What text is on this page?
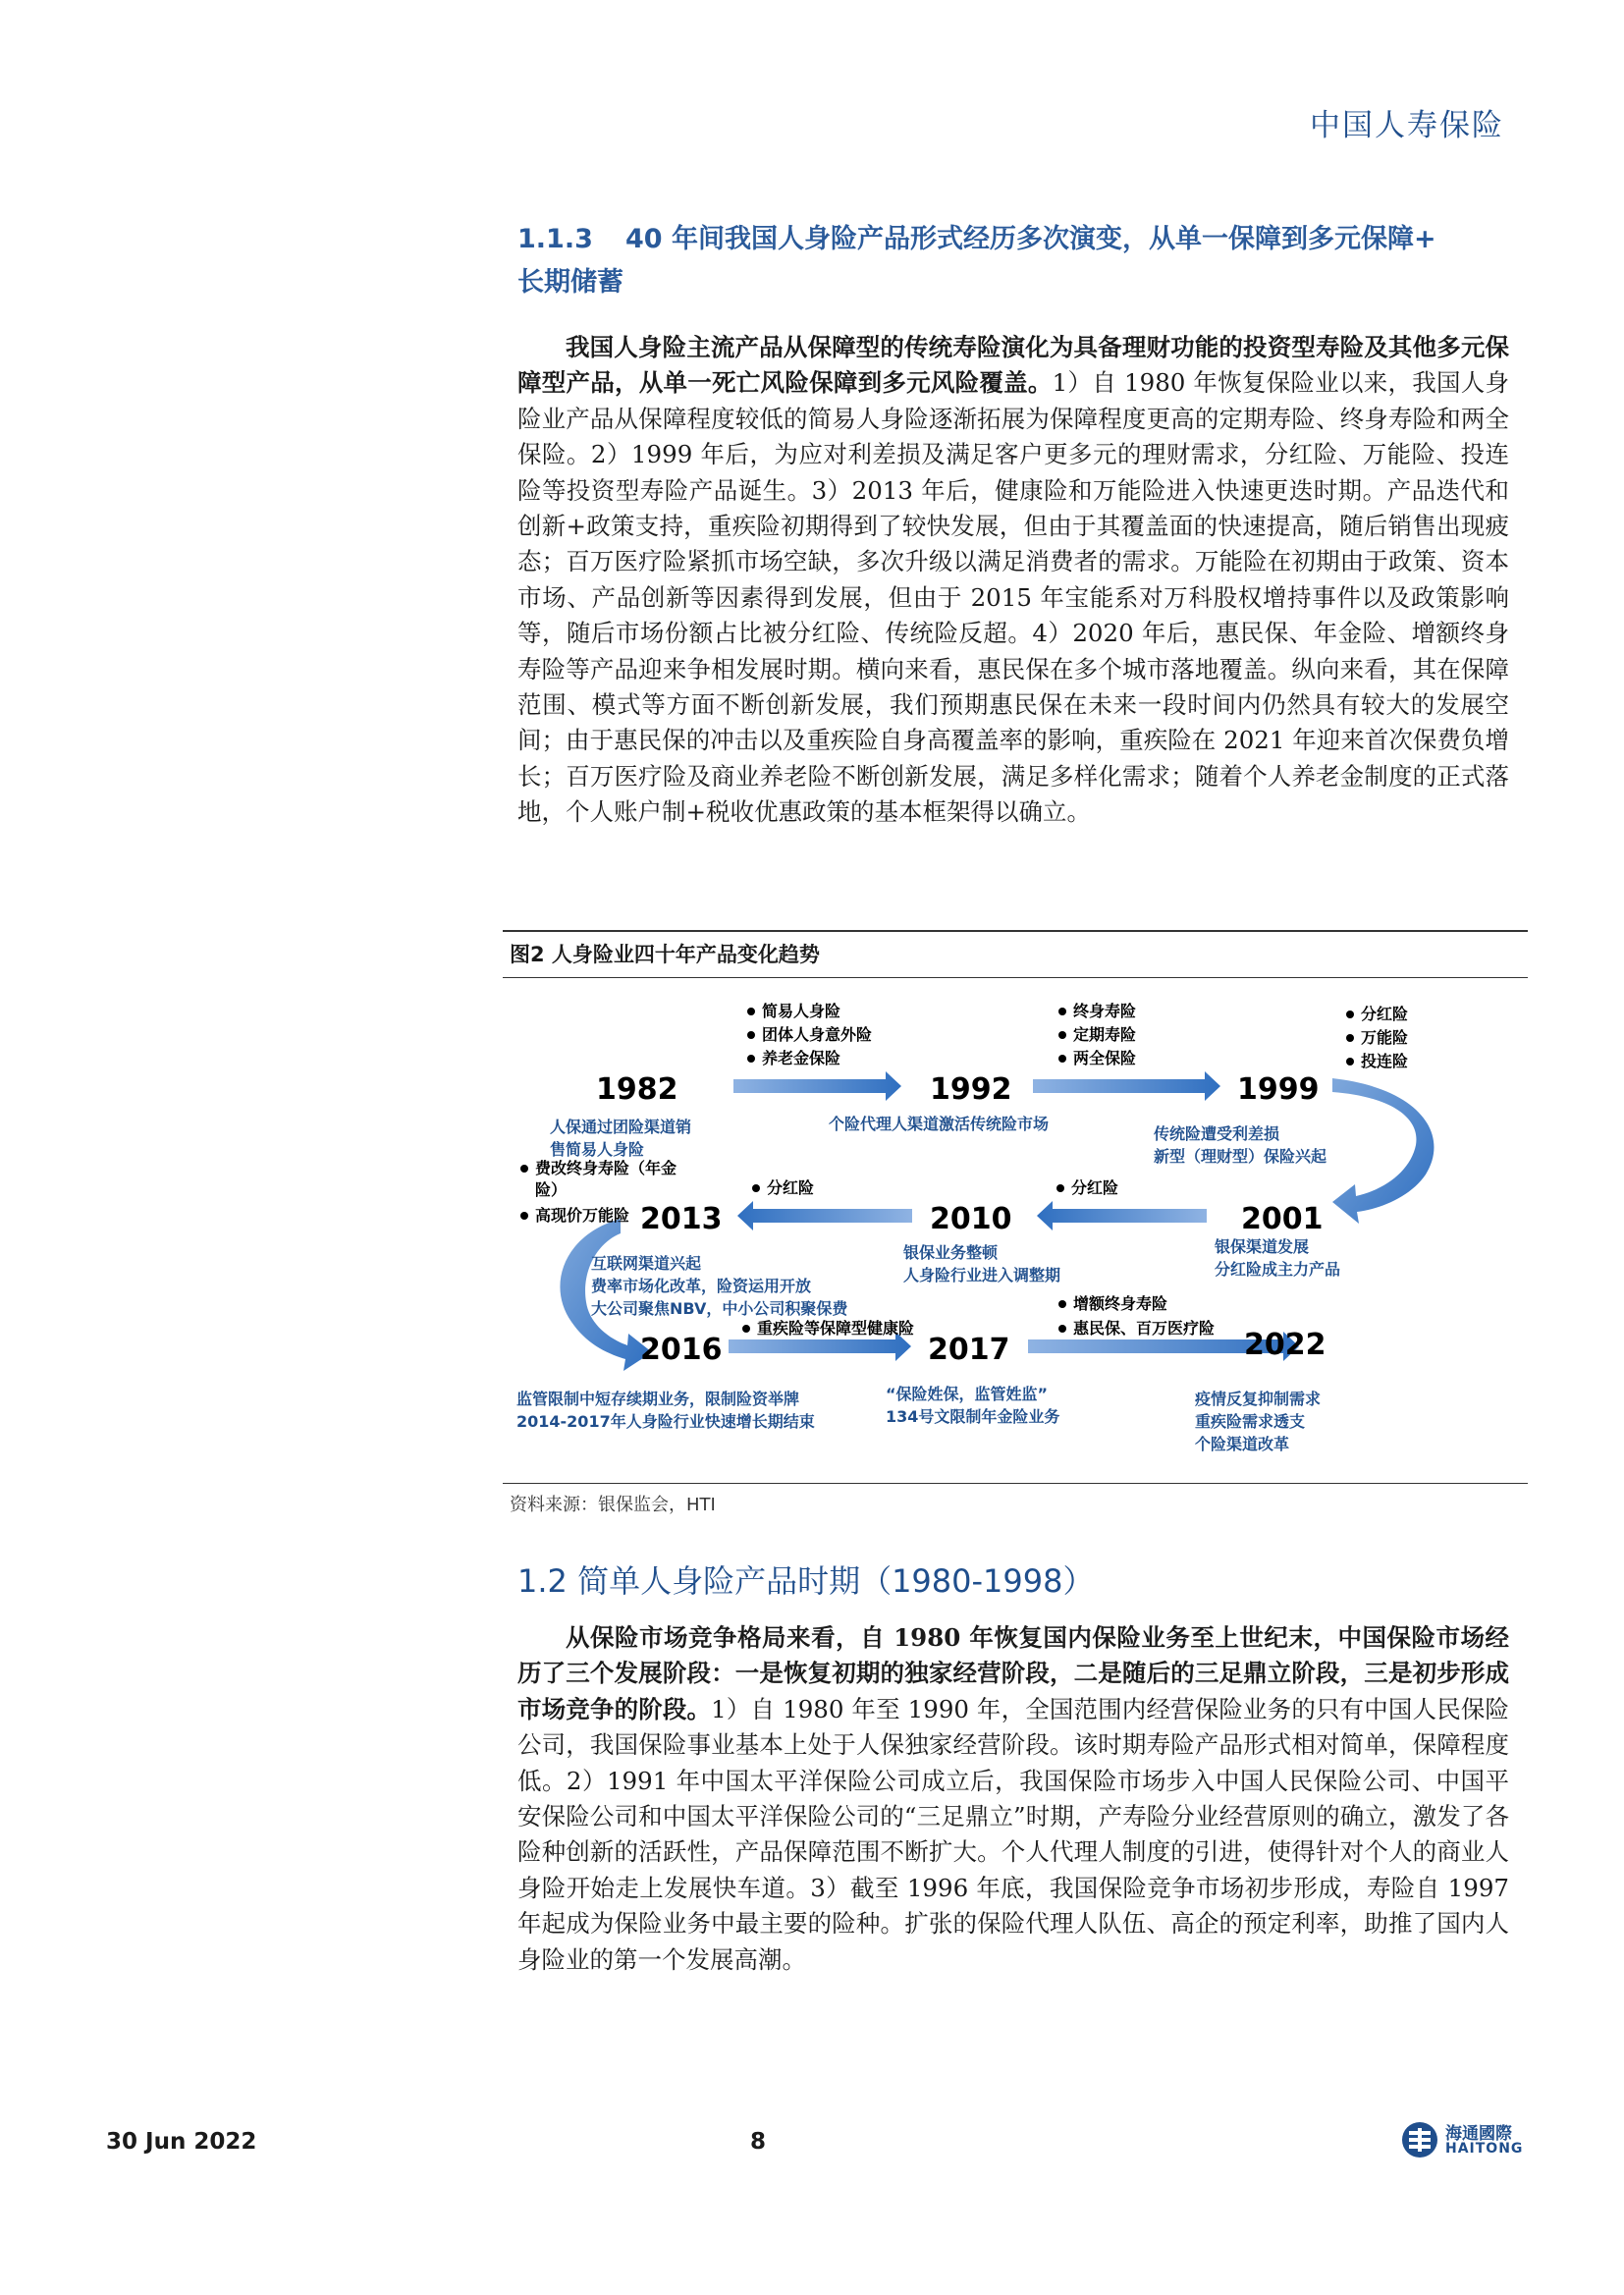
中国人寿保险
1.1.3 40 年间我国人身险产品形式经历多次演变，从单一保障到多元保障+
长期储蓄
我国人身险主流产品从保障型的传统寿险演化为具备理财功能的投资型寿险及其他多元保障型产品，从单一死亡风险保障到多元风险覆盖。1）自 1980 年恢复保险业以来，我国人身险业产品从保障程度较低的简易人身险逐渐拓展为保障程度更高的定期寿险、终身寿险和两全保险。2）1999 年后，为应对利差损及满足客户更多元的理财需求，分红险、万能险、投连险等投资型寿险产品诞生。3）2013 年后，健康险和万能险进入快速更迭时期。产品迭代和创新+政策支持，重疾险初期得到了较快发展，但由于其覆盖面的快速提高，随后销售出现疲态；百万医疗险紧抓市场空缺，多次升级以满足消费者的需求。万能险在初期由于政策、资本市场、产品创新等因素得到发展，但由于 2015 年宝能系对万科股权增持事件以及政策影响等，随后市场份额占比被分红险、传统险反超。4）2020 年后，惠民保、年金险、增额终身寿险等产品迎来争相发展时期。横向来看，惠民保在多个城市落地覆盖。纵向来看，其在保障范围、模式等方面不断创新发展，我们预期惠民保在未来一段时间内仍然具有较大的发展空间；由于惠民保的冲击以及重疾险自身高覆盖率的影响，重疾险在 2021 年迎来首次保费负增长；百万医疗险及商业养老险不断创新发展，满足多样化需求；随着个人养老金制度的正式落地，个人账户制+税收优惠政策的基本框架得以确立。
图2 人身险业四十年产品变化趋势
1982	1992	1999
2013	2010	2001
2016	2017	2022
简易人身险
团体人身意外险
养老金保险
终身寿险
定期寿险
两全保险
分红险
万能险
投连险
分红险	分红险
费改终身寿险（年金
险）
高现价万能险
重疾险等保障型健康险
增额终身寿险
惠民保、百万医疗险
人保通过团险渠道销
售简易人身险
个险代理人渠道激活传统险市场
传统险遭受利差损
新型（理财型）保险兴起
银保业务整顿
人身险行业进入调整期
银保渠道发展
分红险成主力产品
互联网渠道兴起
费率市场化改革，险资运用开放
大公司聚焦NBV，中小公司积聚保费
监管限制中短存续期业务，限制险资举牌
2014-2017年人身险行业快速增长期结束
“保险姓保，监管姓监”
134号文限制年金险业务
疫情反复抑制需求
重疾险需求透支
个险渠道改革
资料来源：银保监会，HTI
1.2 简单人身险产品时期（1980-1998）
从保险市场竞争格局来看，自 1980 年恢复国内保险业务至上世纪末，中国保险市场经历了三个发展阶段：一是恢复初期的独家经营阶段，二是随后的三足鼎立阶段，三是初步形成市场竞争的阶段。1）自 1980 年至 1990 年，全国范围内经营保险业务的只有中国人民保险公司，我国保险事业基本上处于人保独家经营阶段。该时期寿险产品形式相对简单，保障程度低。2）1991 年中国太平洋保险公司成立后，我国保险市场步入中国人民保险公司、中国平安保险公司和中国太平洋保险公司的“三足鼎立”时期，产寿险分业经营原则的确立，激发了各险种创新的活跃性，产品保障范围不断扩大。个人代理人制度的引进，使得针对个人的商业人身险开始走上发展快车道。3）截至 1996 年底，我国保险竞争市场初步形成，寿险自 1997 年起成为保险业务中最主要的险种。扩张的保险代理人队伍、高企的预定利率，助推了国内人身险业的第一个发展高潮。
30 Jun 2022	8	海通國際
HAITONG
